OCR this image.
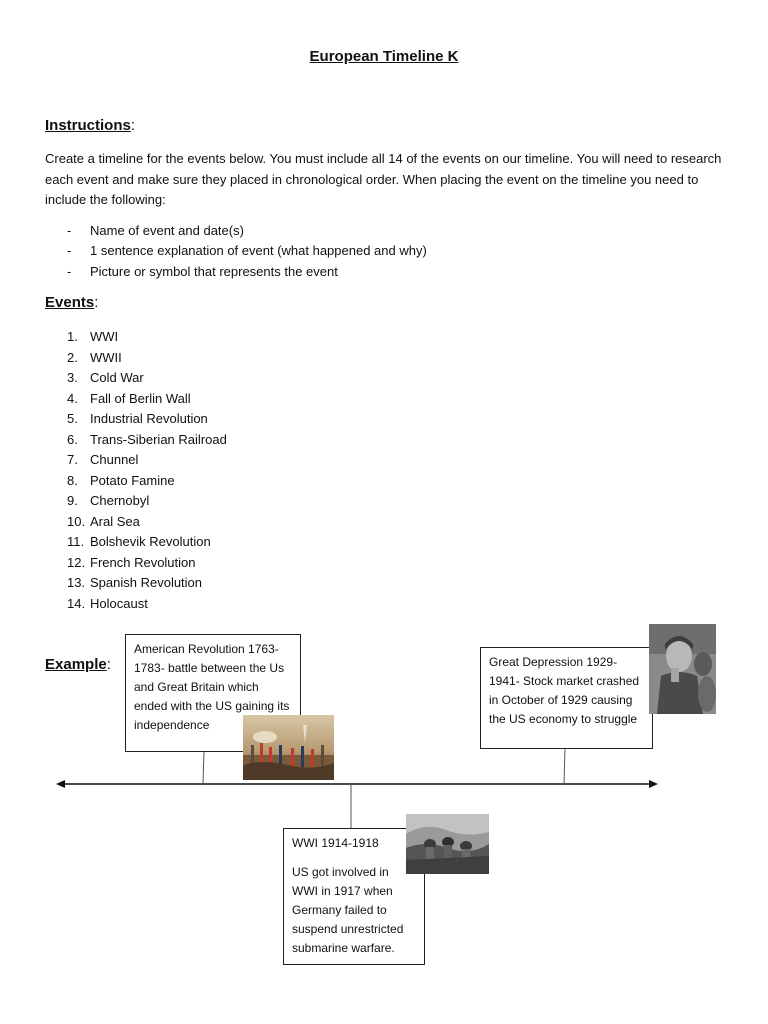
European Timeline K
Instructions:
Create a timeline for the events below. You must include all 14 of the events on our timeline. You will need to research each event and make sure they placed in chronological order. When placing the event on the timeline you need to include the following:
-	Name of event and date(s)
-	1 sentence explanation of event (what happened and why)
-	Picture or symbol that represents the event
Events:
1. WWI
2. WWII
3. Cold War
4. Fall of Berlin Wall
5. Industrial Revolution
6. Trans-Siberian Railroad
7. Chunnel
8. Potato Famine
9. Chernobyl
10. Aral Sea
11. Bolshevik Revolution
12. French Revolution
13. Spanish Revolution
14. Holocaust
Example:
American Revolution 1763-1783- battle between the Us and Great Britain which ended with the US gaining its independence
Great Depression 1929-1941- Stock market crashed in October of 1929 causing the US economy to struggle
WWI 1914-1918
US got involved in WWI in 1917 when Germany failed to suspend unrestricted submarine warfare.
